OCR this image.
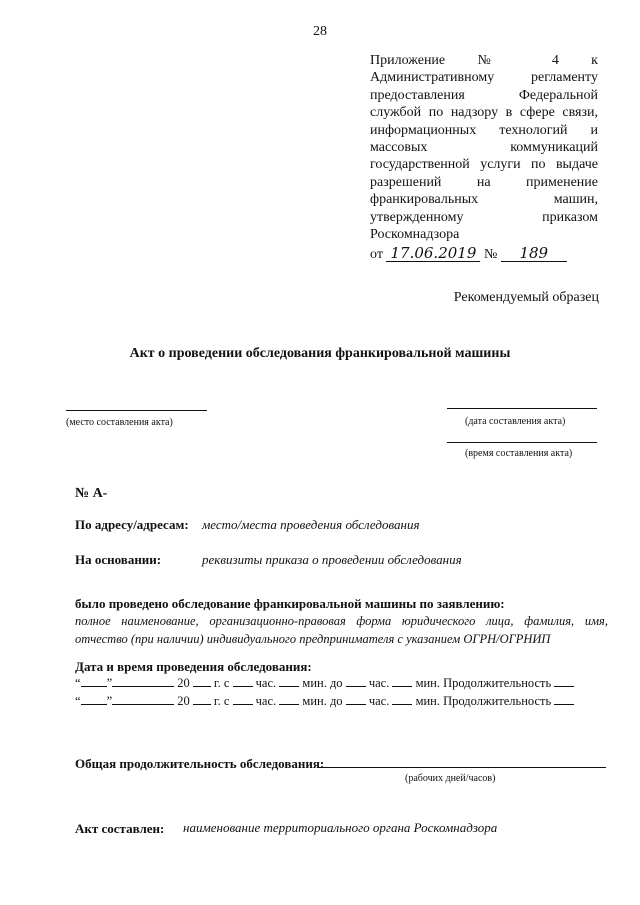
28
Приложение № 4 к
Административному регламенту
предоставления Федеральной
службой по надзору в сфере связи,
информационных технологий и
массовых коммуникаций
государственной услуги по выдаче
разрешений на применение
франкировальных машин,
утвержденному приказом
Роскомнадзора
от 17.06.2019 № 189
Рекомендуемый образец
Акт о проведении обследования франкировальной машины
(место составления акта)	(дата составления акта)
(время составления акта)
№ А-
По адресу/адресам: место/места проведения обследования
На основании:	реквизиты приказа о проведении обследования
было проведено обследование франкировальной машины по заявлению:
полное наименование, организационно-правовая форма юридического лица, фамилия, имя,
отчество (при наличии) индивидуального предпринимателя с указанием ОГРН/ОГРНИП
Дата и время проведения обследования:
“ ”	20 г. с час. мин. до час. мин. Продолжительность
“ ”	20 г. с час. мин. до час. мин. Продолжительность
Общая продолжительность обследования:
(рабочих дней/часов)
Акт составлен: наименование территориального органа Роскомнадзора
